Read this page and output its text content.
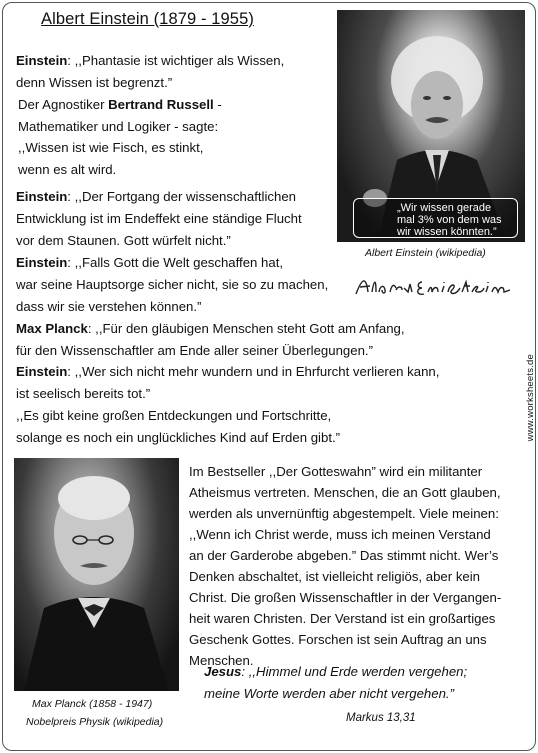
Albert Einstein (1879 - 1955)
Einstein: ,,Phantasie ist wichtiger als Wissen,
denn Wissen ist begrenzt.”
Der Agnostiker Bertrand Russell -
Mathematiker und Logiker - sagte:
,,Wissen ist wie Fisch, es stinkt,
wenn es alt wird.
Einstein: ,,Der Fortgang der wissenschaftlichen
Entwicklung ist im Endeffekt eine ständige Flucht
vor dem Staunen. Gott würfelt nicht.”
Einstein: ,,Falls Gott die Welt geschaffen hat,
war seine Hauptsorge sicher nicht, sie so zu machen,
dass wir sie verstehen können.”
Max Planck: ,,Für den gläubigen Menschen steht Gott am Anfang,
für den Wissenschaftler am Ende aller seiner Überlegungen.”
Einstein: ,,Wer sich nicht mehr wundern und in Ehrfurcht verlieren kann,
ist seelisch bereits tot.”
,,Es gibt keine großen Entdeckungen und Fortschritte,
solange es noch ein unglückliches Kind auf Erden gibt.”
„Wir wissen gerade
mal 3% von dem was
wir wissen könnten.”
Albert Einstein (wikipedia)
www.worksheets.de
Max Planck (1858 - 1947)
Nobelpreis Physik (wikipedia)
Im Bestseller ,,Der Gotteswahn” wird ein militanter
Atheismus vertreten. Menschen, die an Gott glauben,
werden als unvernünftig abgestempelt. Viele meinen:
,,Wenn ich Christ werde, muss ich meinen Verstand
an der Garderobe abgeben.” Das stimmt nicht. Wer’s
Denken abschaltet, ist vielleicht religiös, aber kein
Christ. Die großen Wissenschaftler in der Vergangen-
heit waren Christen. Der Verstand ist ein großartiges
Geschenk Gottes. Forschen ist sein Auftrag an uns
Menschen.
Jesus: ,,Himmel und Erde werden vergehen;
meine Worte werden aber nicht vergehen.”
Markus 13,31
